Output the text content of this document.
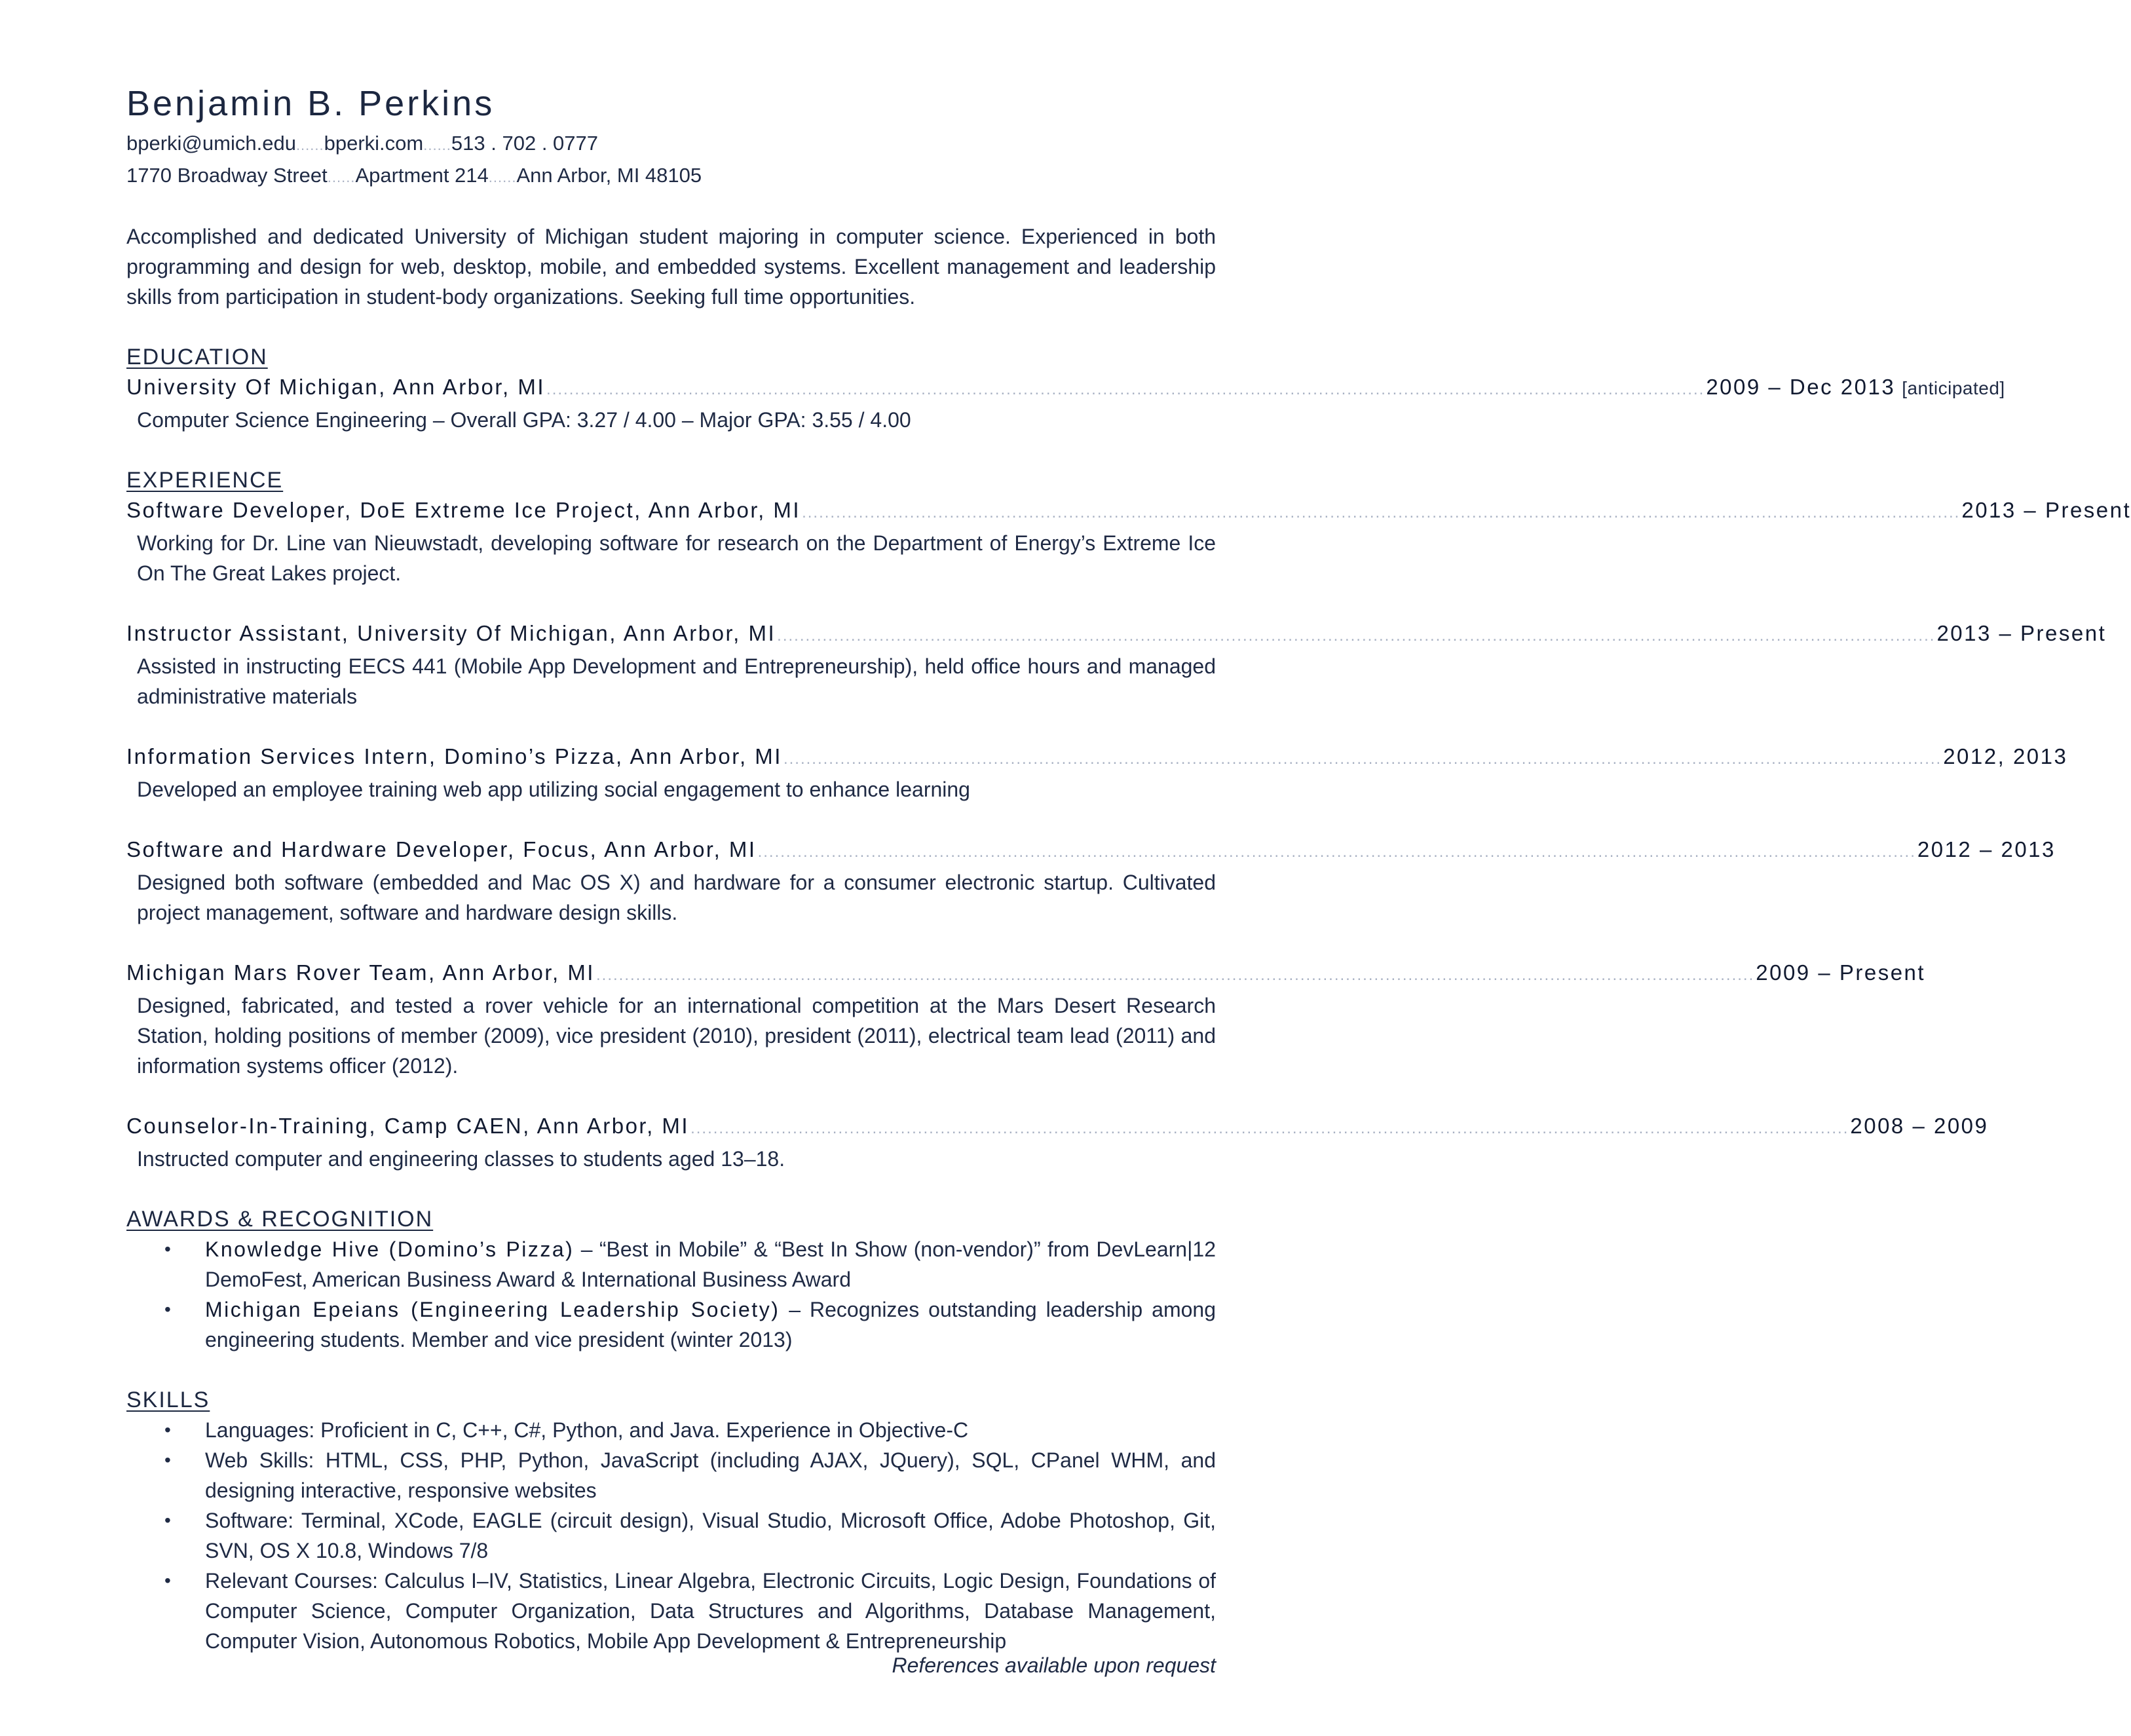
Benjamin B. Perkins
bperki@umich.edu......bperki.com......513 . 702 . 0777
1770 Broadway Street......Apartment 214......Ann Arbor, MI 48105
Accomplished and dedicated University of Michigan student majoring in computer science. Experienced in both programming and design for web, desktop, mobile, and embedded systems. Excellent management and leadership skills from participation in student-body organizations. Seeking full time opportunities.
EDUCATION
University Of Michigan, Ann Arbor, MI ............................................................................................................................................................................................................ 2009 – Dec 2013 [anticipated]
Computer Science Engineering – Overall GPA: 3.27 / 4.00 – Major GPA: 3.55 / 4.00
EXPERIENCE
Software Developer, DoE Extreme Ice Project, Ann Arbor, MI ............................................................................................................................................................................................................ 2013 – Present
Working for Dr. Line van Nieuwstadt, developing software for research on the Department of Energy’s Extreme Ice On The Great Lakes project.
Instructor Assistant, University Of Michigan, Ann Arbor, MI ............................................................................................................................................................................................................ 2013 – Present
Assisted in instructing EECS 441 (Mobile App Development and Entrepreneurship), held office hours and managed administrative materials
Information Services Intern, Domino’s Pizza, Ann Arbor, MI ............................................................................................................................................................................................................ 2012, 2013
Developed an employee training web app utilizing social engagement to enhance learning
Software and Hardware Developer, Focus, Ann Arbor, MI ............................................................................................................................................................................................................ 2012 – 2013
Designed both software (embedded and Mac OS X) and hardware for a consumer electronic startup. Cultivated project management, software and hardware design skills.
Michigan Mars Rover Team, Ann Arbor, MI ............................................................................................................................................................................................................ 2009 – Present
Designed, fabricated, and tested a rover vehicle for an international competition at the Mars Desert Research Station, holding positions of member (2009), vice president (2010), president (2011), electrical team lead (2011) and information systems officer (2012).
Counselor-In-Training, Camp CAEN, Ann Arbor, MI ............................................................................................................................................................................................................ 2008 – 2009
Instructed computer and engineering classes to students aged 13–18.
AWARDS & RECOGNITION
• Knowledge Hive (Domino’s Pizza) – “Best in Mobile” & “Best In Show (non-vendor)” from DevLearn|12 DemoFest, American Business Award & International Business Award
• Michigan Epeians (Engineering Leadership Society) – Recognizes outstanding leadership among engineering students. Member and vice president (winter 2013)
SKILLS
• Languages: Proficient in C, C++, C#, Python, and Java. Experience in Objective-C
• Web Skills: HTML, CSS, PHP, Python, JavaScript (including AJAX, JQuery), SQL, CPanel WHM, and designing interactive, responsive websites
• Software: Terminal, XCode, EAGLE (circuit design), Visual Studio, Microsoft Office, Adobe Photoshop, Git, SVN, OS X 10.8, Windows 7/8
• Relevant Courses: Calculus I–IV, Statistics, Linear Algebra, Electronic Circuits, Logic Design, Foundations of Computer Science, Computer Organization, Data Structures and Algorithms, Database Management, Computer Vision, Autonomous Robotics, Mobile App Development & Entrepreneurship
References available upon request
